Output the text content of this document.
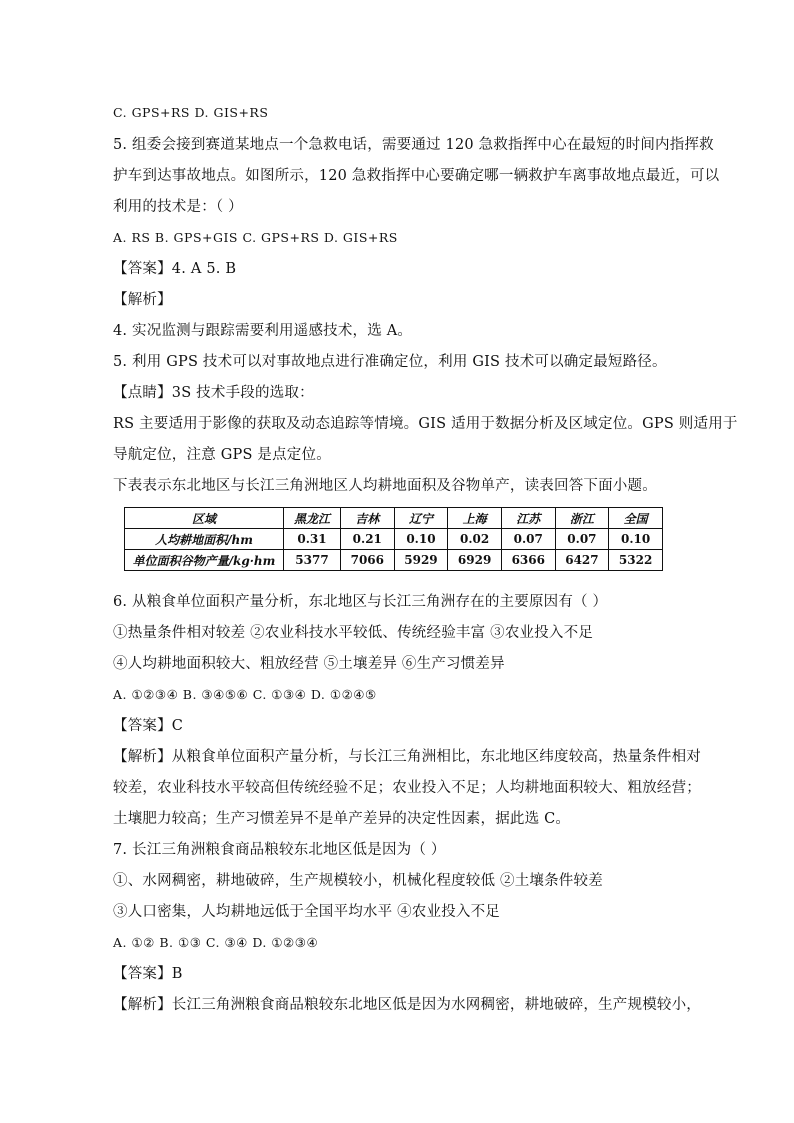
C. GPS+RS D. GIS+RS
5. 组委会接到赛道某地点一个急救电话，需要通过 120 急救指挥中心在最短的时间内指挥救
护车到达事故地点。如图所示，120 急救指挥中心要确定哪一辆救护车离事故地点最近，可以
利用的技术是：（ ）
A. RS B. GPS+GIS C. GPS+RS D. GIS+RS
【答案】4. A 5. B
【解析】
4. 实况监测与跟踪需要利用遥感技术，选 A。
5. 利用 GPS 技术可以对事故地点进行准确定位，利用 GIS 技术可以确定最短路径。
【点睛】3S 技术手段的选取：
RS 主要适用于影像的获取及动态追踪等情境。GIS 适用于数据分析及区域定位。GPS 则适用于
导航定位，注意 GPS 是点定位。
下表表示东北地区与长江三角洲地区人均耕地面积及谷物单产，读表回答下面小题。
区域	黑龙江	吉林	辽宁	上海	江苏	浙江	全国
人均耕地面积/hm	0.31	0.21	0.10	0.02	0.07	0.07	0.10
单位面积谷物产量/kg·hm	5377	7066	5929	6929	6366	6427	5322
6. 从粮食单位面积产量分析，东北地区与长江三角洲存在的主要原因有（ ）
①热量条件相对较差 ②农业科技水平较低、传统经验丰富 ③农业投入不足
④人均耕地面积较大、粗放经营 ⑤土壤差异 ⑥生产习惯差异
A. ①②③④ B. ③④⑤⑥ C. ①③④ D. ①②④⑤
【答案】C
【解析】从粮食单位面积产量分析，与长江三角洲相比，东北地区纬度较高，热量条件相对
较差，农业科技水平较高但传统经验不足；农业投入不足；人均耕地面积较大、粗放经营；
土壤肥力较高；生产习惯差异不是单产差异的决定性因素，据此选 C。
7. 长江三角洲粮食商品粮较东北地区低是因为（ ）
①、水网稠密，耕地破碎，生产规模较小，机械化程度较低 ②土壤条件较差
③人口密集，人均耕地远低于全国平均水平 ④农业投入不足
A. ①② B. ①③ C. ③④ D. ①②③④
【答案】B
【解析】长江三角洲粮食商品粮较东北地区低是因为水网稠密，耕地破碎，生产规模较小，
